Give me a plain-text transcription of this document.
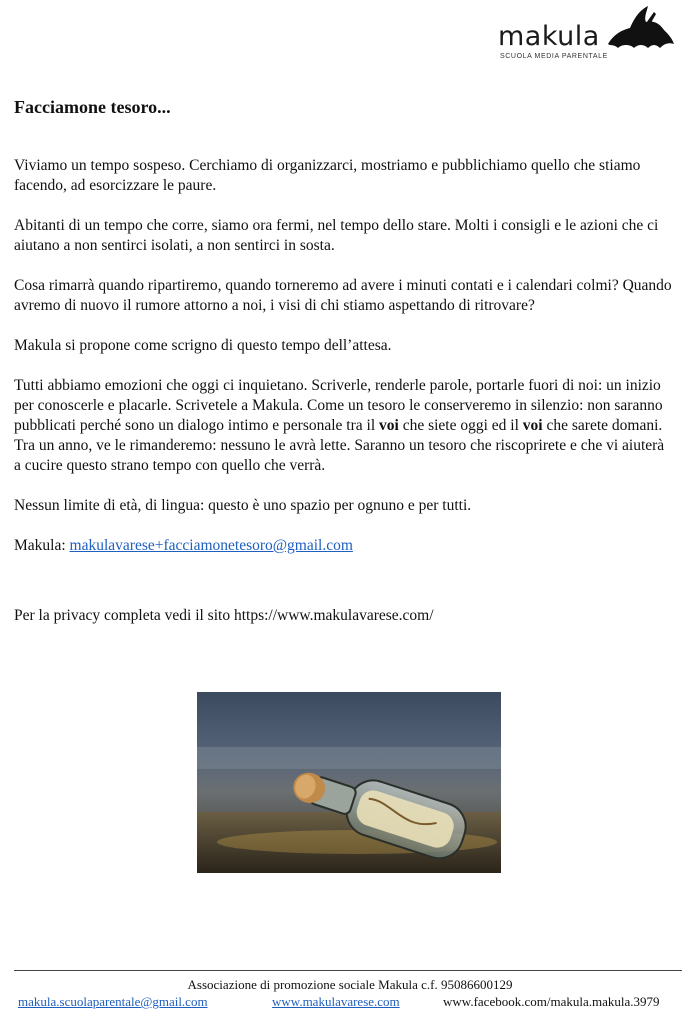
makula
SCUOLA MEDIA PARENTALE
Facciamone tesoro...

Viviamo un tempo sospeso. Cerchiamo di organizzarci, mostriamo e pubblichiamo quello che stiamo facendo, ad esorcizzare le paure.

Abitanti di un tempo che corre, siamo ora fermi, nel tempo dello stare. Molti i consigli e le azioni che ci aiutano a non sentirci isolati, a non sentirci in sosta.

Cosa rimarrà quando ripartiremo, quando torneremo ad avere i minuti contati e i calendari colmi? Quando avremo di nuovo il rumore attorno a noi, i visi di chi stiamo aspettando di ritrovare?

Makula si propone come scrigno di questo tempo dell’attesa.

Tutti abbiamo emozioni che oggi ci inquietano. Scriverle, renderle parole, portarle fuori di noi: un inizio per conoscerle e placarle. Scrivetele a Makula. Come un tesoro le conserveremo in silenzio: non saranno pubblicati perché sono un dialogo intimo e personale tra il voi che siete oggi ed il voi che sarete domani. Tra un anno, ve le rimanderemo: nessuno le avrà lette. Saranno un tesoro che riscoprirete e che vi aiuterà a cucire questo strano tempo con quello che verrà.

Nessun limite di età, di lingua: questo è uno spazio per ognuno e per tutti.

Makula: makulavarese+facciamonetesoro@gmail.com

Per la privacy completa vedi il sito https://www.makulavarese.com/

Associazione di promozione sociale Makula c.f. 95086600129
makula.scuolaparentale@gmail.com	www.makulavarese.com	www.facebook.com/makula.makula.3979
